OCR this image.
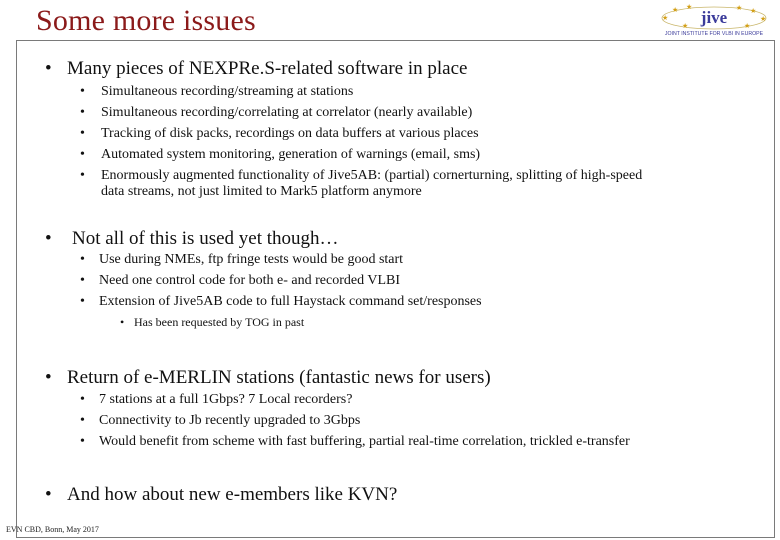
Some more issues	★
★ ★	★ ★
★
★	★
jive
JOINT INSTITUTE FOR VLBI IN EUROPE
• Many pieces of NEXPRe.S-related software in place
• Simultaneous recording/streaming at stations
• Simultaneous recording/correlating at correlator (nearly available)
• Tracking of disk packs, recordings on data buffers at various places
• Automated system monitoring, generation of warnings (email, sms)
• Enormously augmented functionality of Jive5AB: (partial) cornerturning, splitting of high-speed
data streams, not just limited to Mark5 platform anymore
• Not all of this is used yet though…
• Use during NMEs, ftp fringe tests would be good start
• Need one control code for both e- and recorded VLBI
• Extension of Jive5AB code to full Haystack command set/responses
• Has been requested by TOG in past
• Return of e-MERLIN stations (fantastic news for users)
• 7 stations at a full 1Gbps? 7 Local recorders?
• Connectivity to Jb recently upgraded to 3Gbps
• Would benefit from scheme with fast buffering, partial real-time correlation, trickled e-transfer
• And how about new e-members like KVN?
EVN CBD, Bonn, May 2017
